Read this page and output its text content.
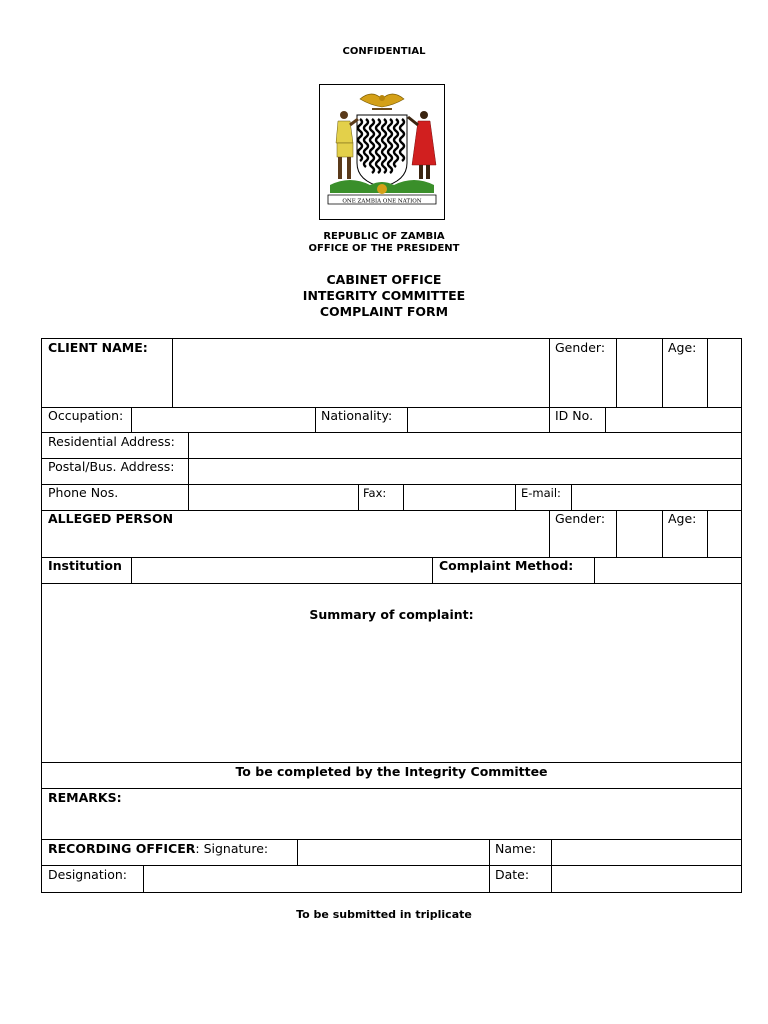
CONFIDENTIAL
ONE ZAMBIA ONE NATION
REPUBLIC OF ZAMBIA
OFFICE OF THE PRESIDENT
CABINET OFFICE
INTEGRITY COMMITTEE
COMPLAINT FORM
CLIENT NAME:	Gender:	Age:
Occupation:	Nationality:	ID No.
Residential Address:
Postal/Bus. Address:
Phone Nos.	Fax:	E-mail:
ALLEGED PERSON	Gender:	Age:
Institution	Complaint Method:
Summary of complaint:
To be completed by the Integrity Committee
REMARKS:
RECORDING OFFICER: Signature:	Name:
Designation:	Date:
To be submitted in triplicate
